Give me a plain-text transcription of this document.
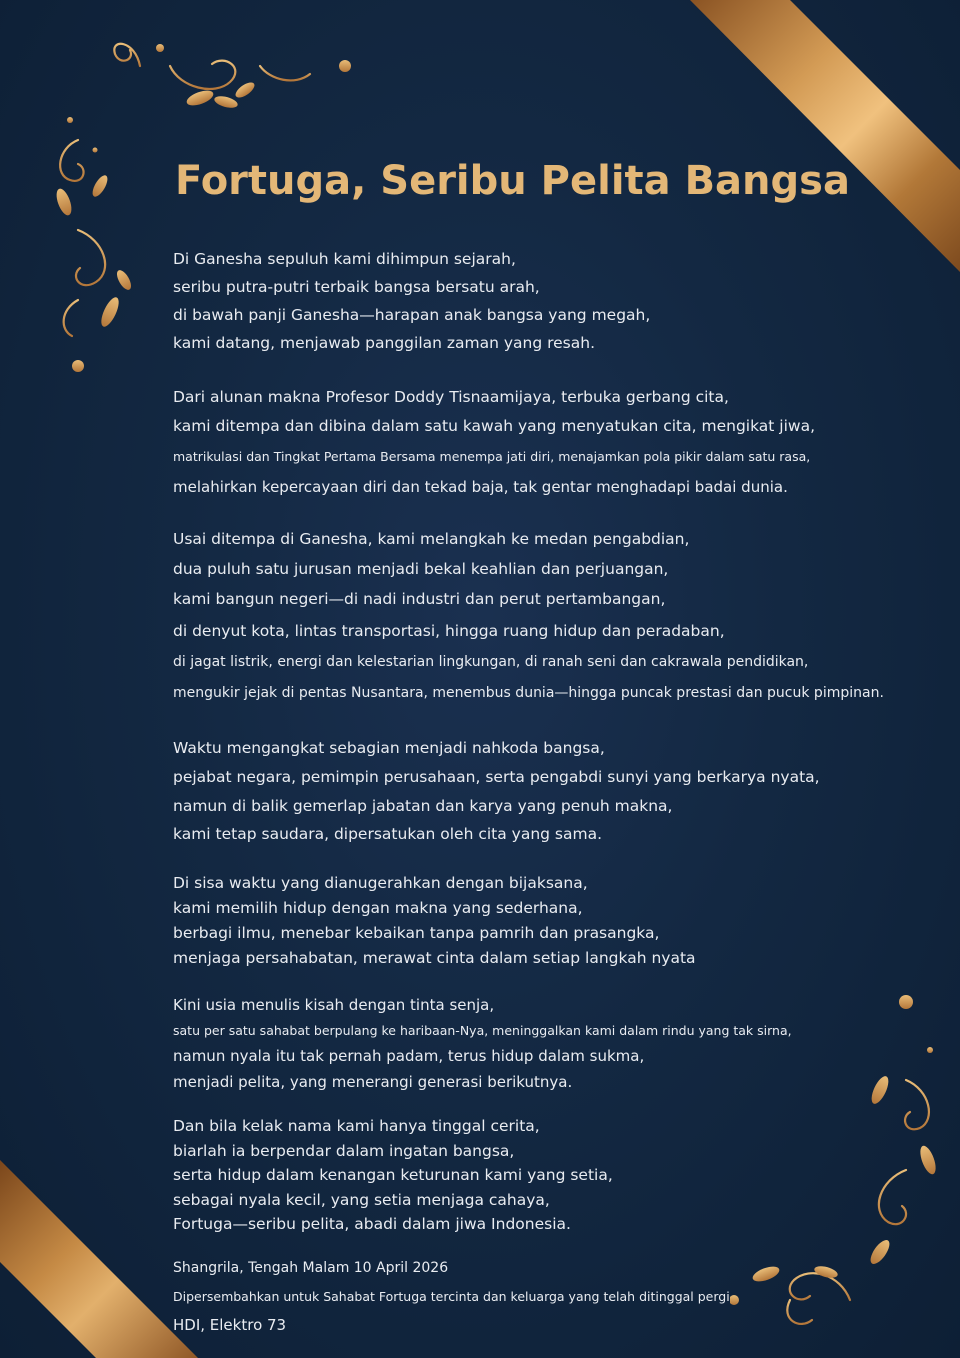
Fortuga, Seribu Pelita Bangsa
Di Ganesha sepuluh kami dihimpun sejarah,
seribu putra-putri terbaik bangsa bersatu arah,
di bawah panji Ganesha—harapan anak bangsa yang megah,
kami datang, menjawab panggilan zaman yang resah.
Dari alunan makna Profesor Doddy Tisnaamijaya, terbuka gerbang cita,
kami ditempa dan dibina dalam satu kawah yang menyatukan cita, mengikat jiwa,
matrikulasi dan Tingkat Pertama Bersama menempa jati diri, menajamkan pola pikir dalam satu rasa,
melahirkan kepercayaan diri dan tekad baja, tak gentar menghadapi badai dunia.
Usai ditempa di Ganesha, kami melangkah ke medan pengabdian,
dua puluh satu jurusan menjadi bekal keahlian dan perjuangan,
kami bangun negeri—di nadi industri dan perut pertambangan,
di denyut kota, lintas transportasi, hingga ruang hidup dan peradaban,
di jagat listrik, energi dan kelestarian lingkungan, di ranah seni dan cakrawala pendidikan,
mengukir jejak di pentas Nusantara, menembus dunia—hingga puncak prestasi dan pucuk pimpinan.
Waktu mengangkat sebagian menjadi nahkoda bangsa,
pejabat negara, pemimpin perusahaan, serta pengabdi sunyi yang berkarya nyata,
namun di balik gemerlap jabatan dan karya yang penuh makna,
kami tetap saudara, dipersatukan oleh cita yang sama.
Di sisa waktu yang dianugerahkan dengan bijaksana,
kami memilih hidup dengan makna yang sederhana,
berbagi ilmu, menebar kebaikan tanpa pamrih dan prasangka,
menjaga persahabatan, merawat cinta dalam setiap langkah nyata
Kini usia menulis kisah dengan tinta senja,
satu per satu sahabat berpulang ke haribaan-Nya, meninggalkan kami dalam rindu yang tak sirna,
namun nyala itu tak pernah padam, terus hidup dalam sukma,
menjadi pelita, yang menerangi generasi berikutnya.
Dan bila kelak nama kami hanya tinggal cerita,
biarlah ia berpendar dalam ingatan bangsa,
serta hidup dalam kenangan keturunan kami yang setia,
sebagai nyala kecil, yang setia menjaga cahaya,
Fortuga—seribu pelita, abadi dalam jiwa Indonesia.
Shangrila, Tengah Malam 10 April 2026
Dipersembahkan untuk Sahabat Fortuga tercinta dan keluarga yang telah ditinggal pergi
HDI, Elektro 73
